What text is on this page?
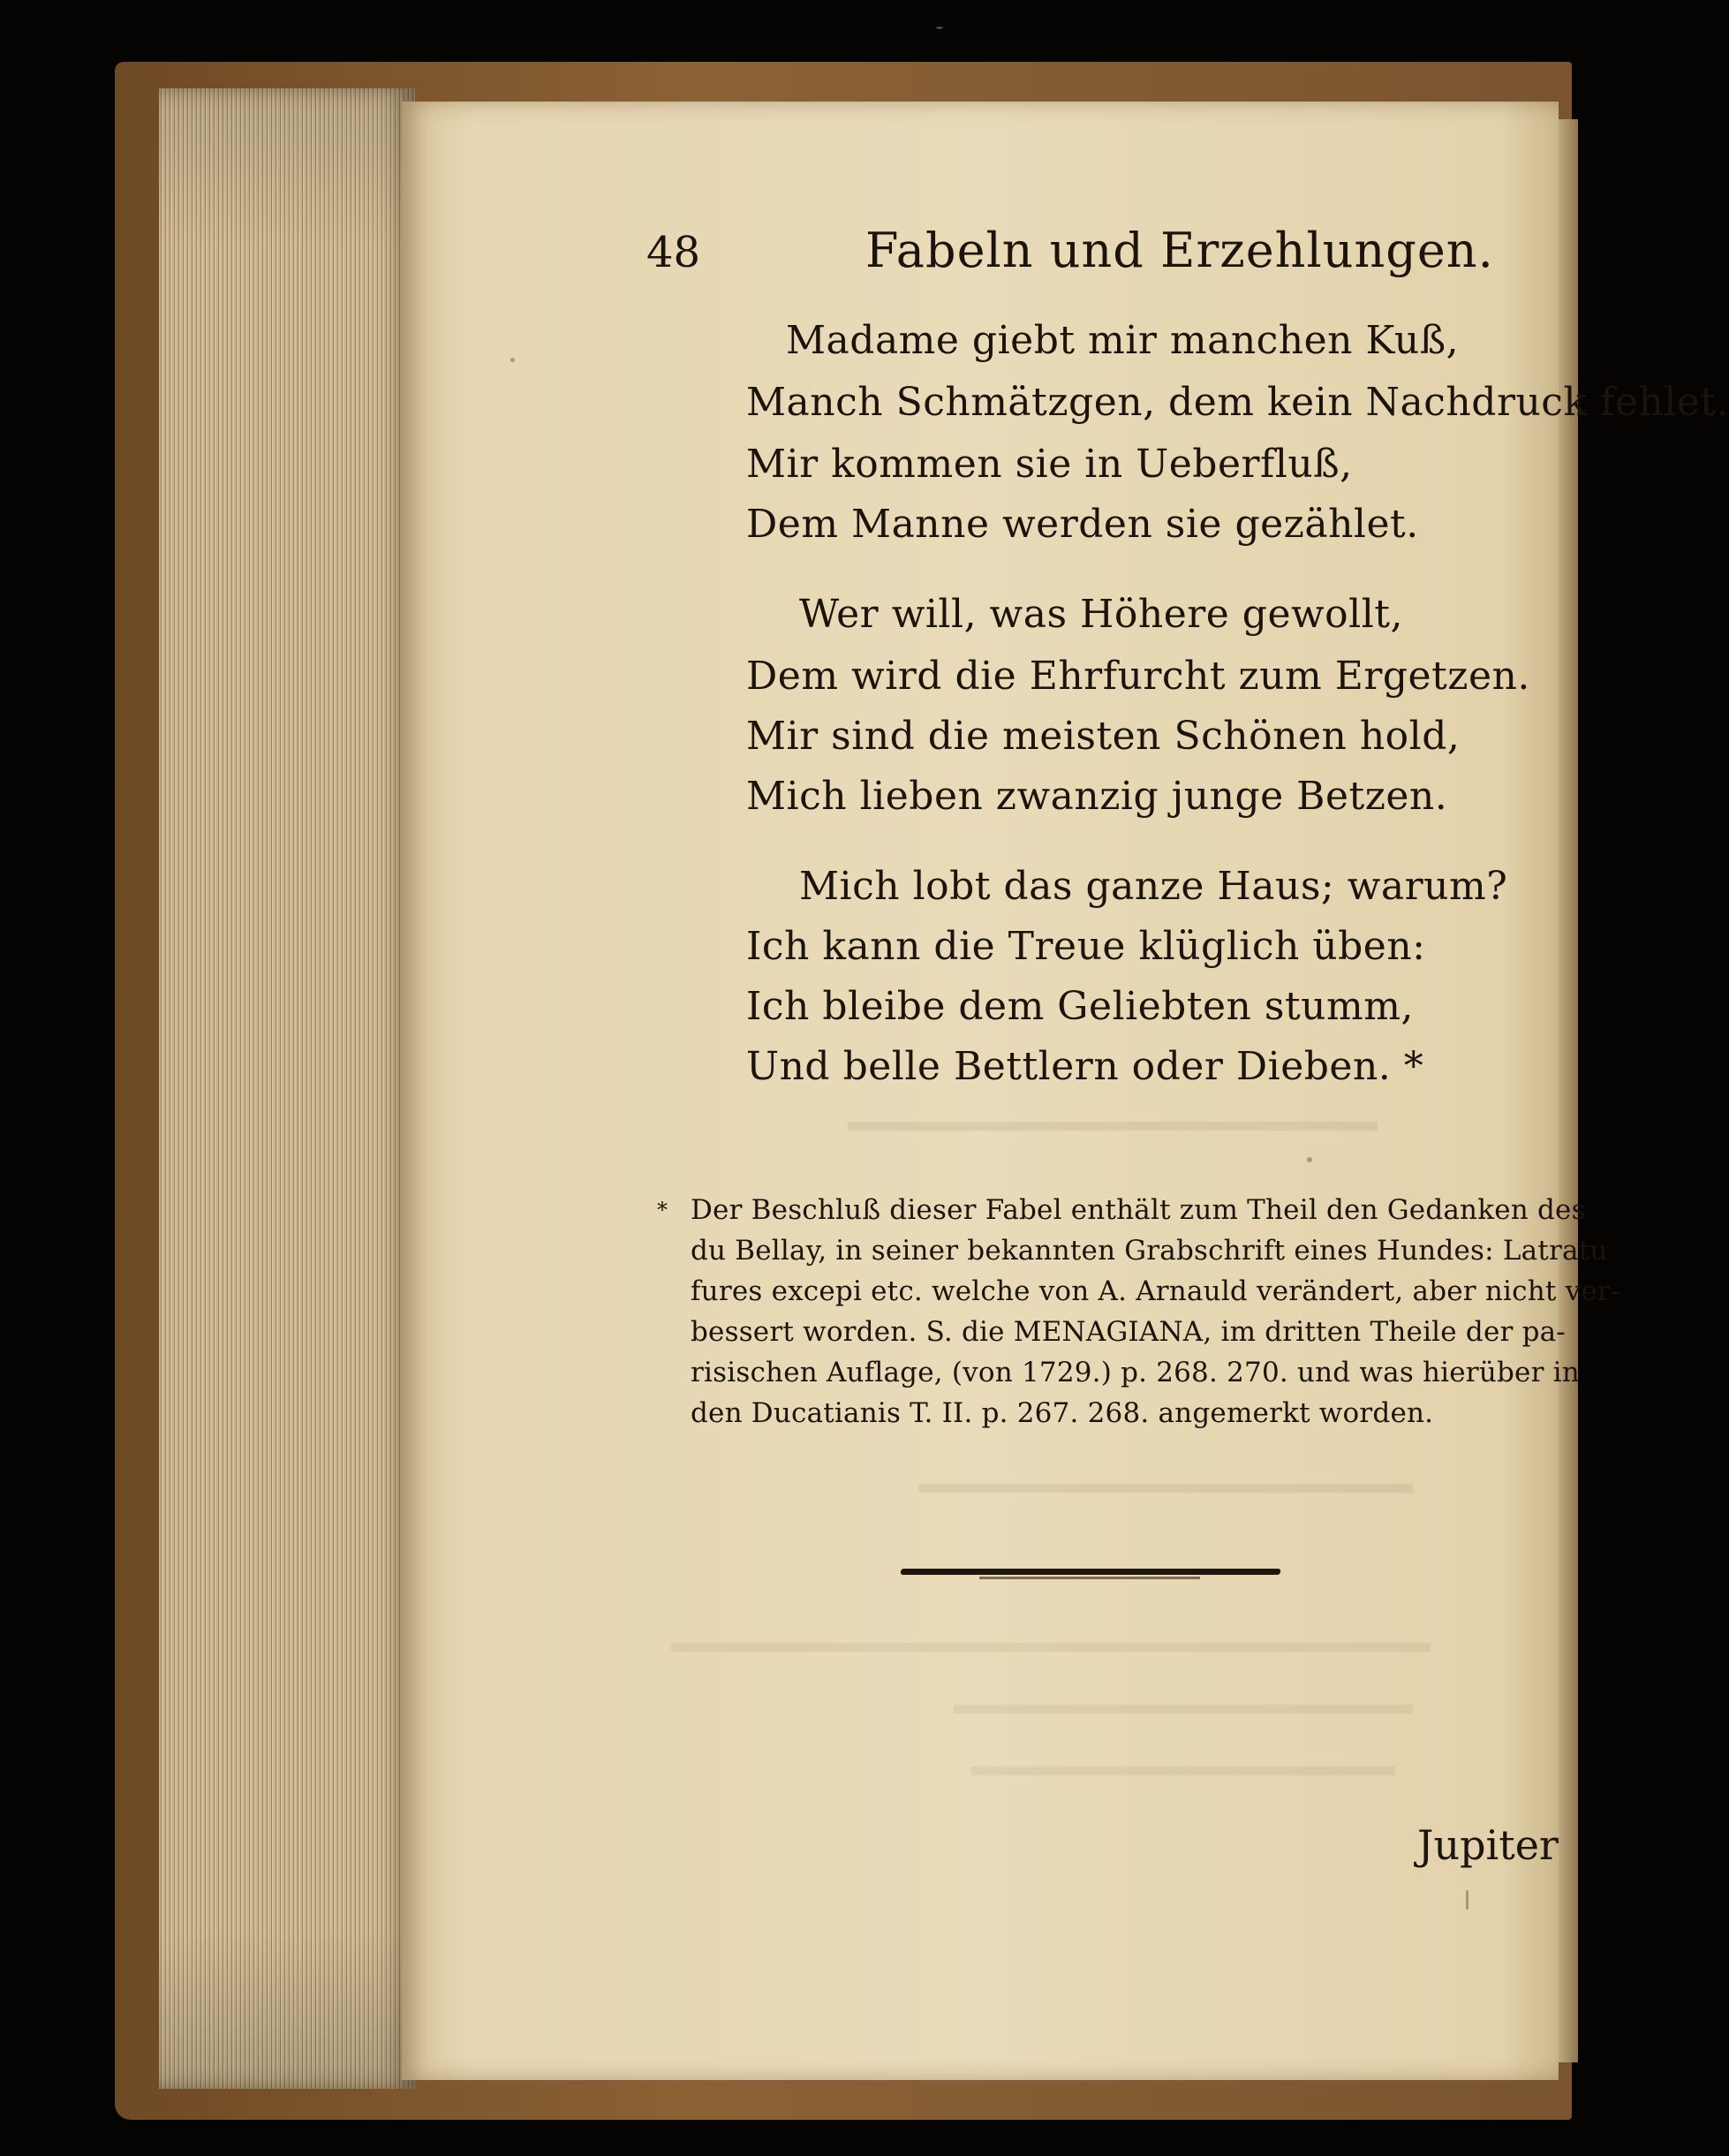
48	Fabeln und Erzehlungen.
Madame giebt mir manchen Kuß,
Manch Schmätzgen, dem kein Nachdruck fehlet.
Mir kommen sie in Ueberfluß,
Dem Manne werden sie gezählet.
Wer will, was Höhere gewollt,
Dem wird die Ehrfurcht zum Ergetzen.
Mir sind die meisten Schönen hold,
Mich lieben zwanzig junge Betzen.
Mich lobt das ganze Haus; warum?
Ich kann die Treue klüglich üben:
Ich bleibe dem Geliebten stumm,
Und belle Bettlern oder Dieben. *
* Der Beschluß dieser Fabel enthält zum Theil den Gedanken des
du Bellay, in seiner bekannten Grabschrift eines Hundes: Latratu
fures excepi etc. welche von A. Arnauld verändert, aber nicht ver-
bessert worden. S. die MENAGIANA, im dritten Theile der pa-
risischen Auflage, (von 1729.) p. 268. 270. und was hierüber in
den Ducatianis T. II. p. 267. 268. angemerkt worden.
Jupiter
